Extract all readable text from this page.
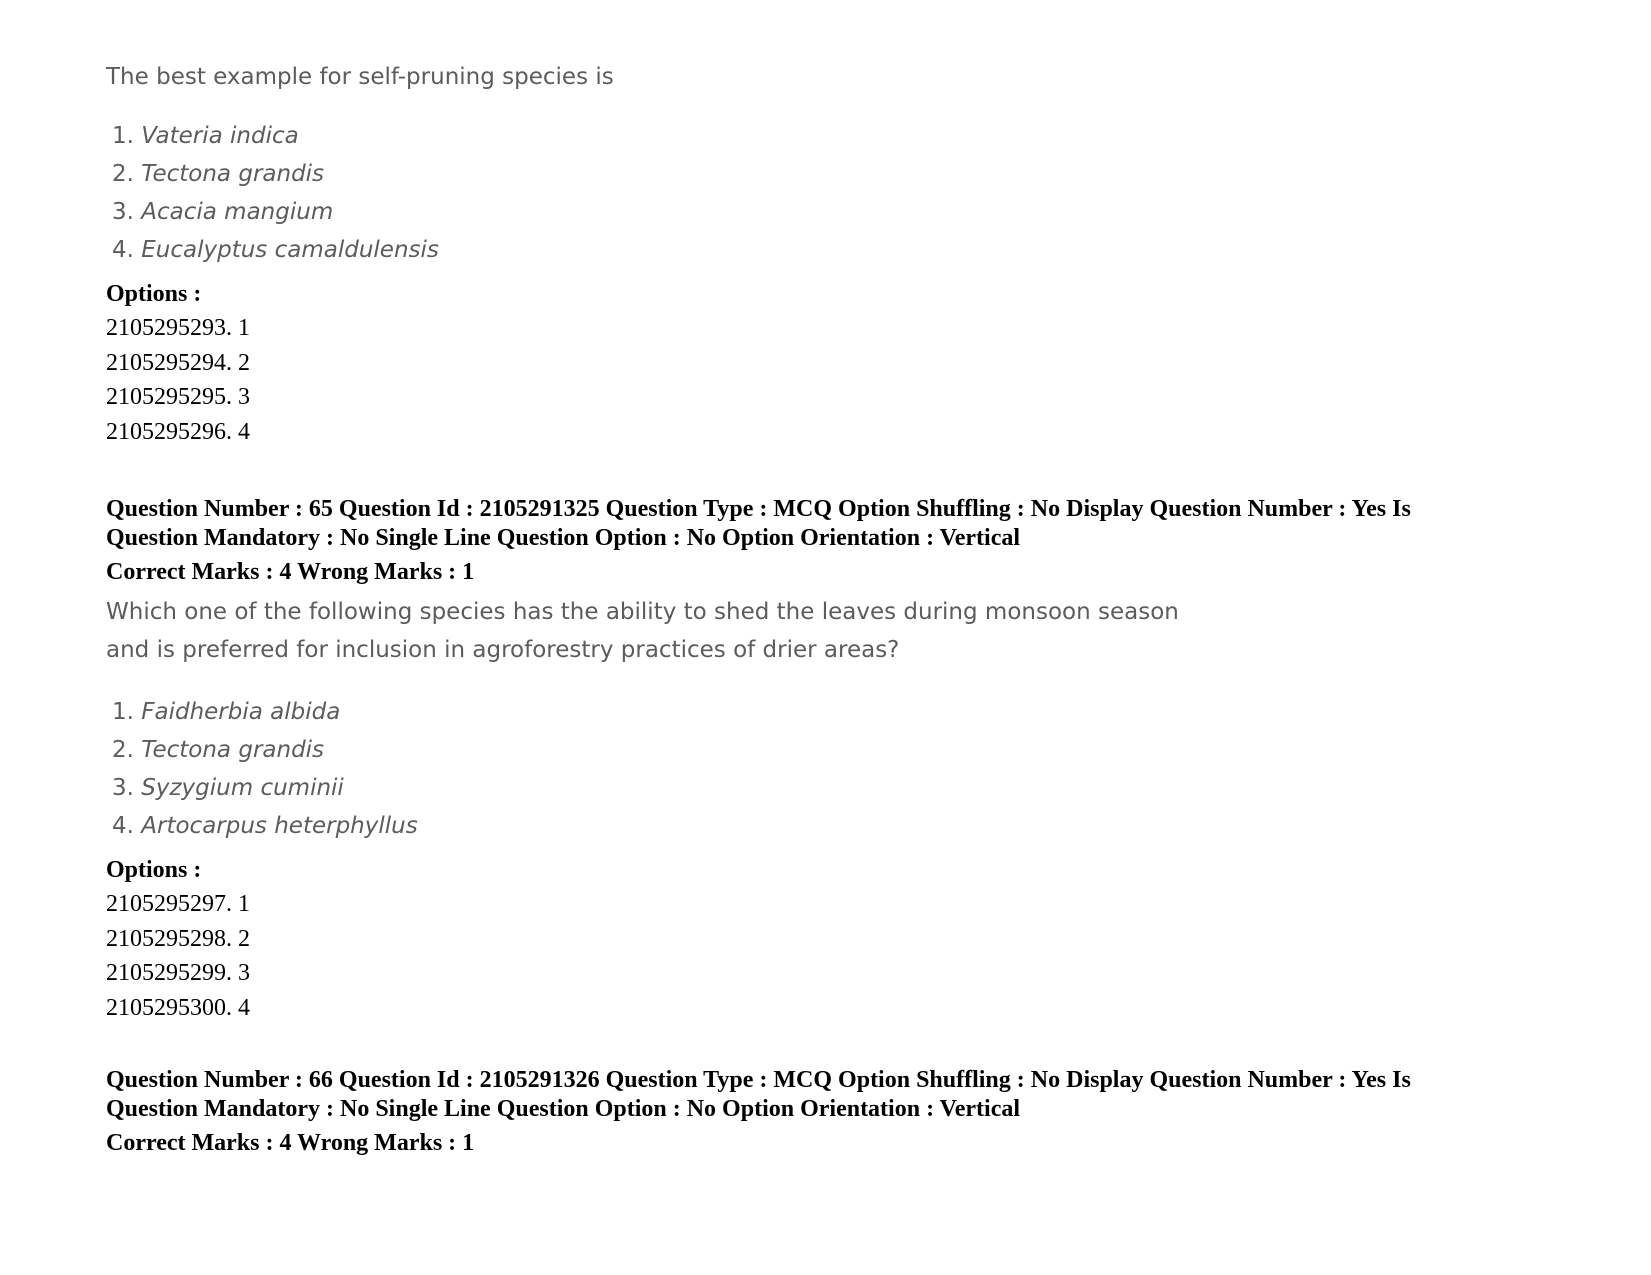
The best example for self-pruning species is

1. Vateria indica
2. Tectona grandis
3. Acacia mangium
4. Eucalyptus camaldulensis
Options :
2105295293. 1
2105295294. 2
2105295295. 3
2105295296. 4
Question Number : 65 Question Id : 2105291325 Question Type : MCQ Option Shuffling : No Display Question Number : Yes Is
Question Mandatory : No Single Line Question Option : No Option Orientation : Vertical
Correct Marks : 4 Wrong Marks : 1

Which one of the following species has the ability to shed the leaves during monsoon season

and is preferred for inclusion in agroforestry practices of drier areas?

1. Faidherbia albida
2. Tectona grandis
3. Syzygium cuminii
4. Artocarpus heterphyllus
Options :
2105295297. 1
2105295298. 2
2105295299. 3
2105295300. 4
Question Number : 66 Question Id : 2105291326 Question Type : MCQ Option Shuffling : No Display Question Number : Yes Is
Question Mandatory : No Single Line Question Option : No Option Orientation : Vertical
Correct Marks : 4 Wrong Marks : 1
